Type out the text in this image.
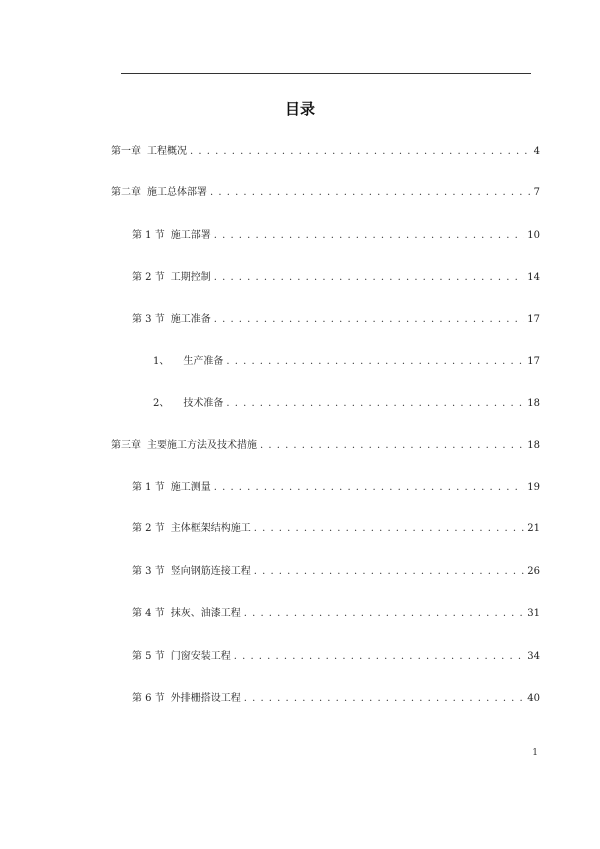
目录
第一章 工程概况 . . .	4
第二章 施工总体部署 . . .	7
第 1 节 施工部署 . . .	10
第 2 节 工期控制 . . .	14
第 3 节 施工准备 . . .	17
1、 生产准备 . . .	17
2、 技术准备 . . .	18
第三章 主要施工方法及技术措施 . . .	18
第 1 节 施工测量 . . .	19
第 2 节 主体框架结构施工 . . .	21
第 3 节 竖向钢筋连接工程 . . .	26
第 4 节 抹灰、油漆工程 . . .	31
第 5 节 门窗安装工程 . . .	34
第 6 节 外排栅搭设工程 . . .	40
1
